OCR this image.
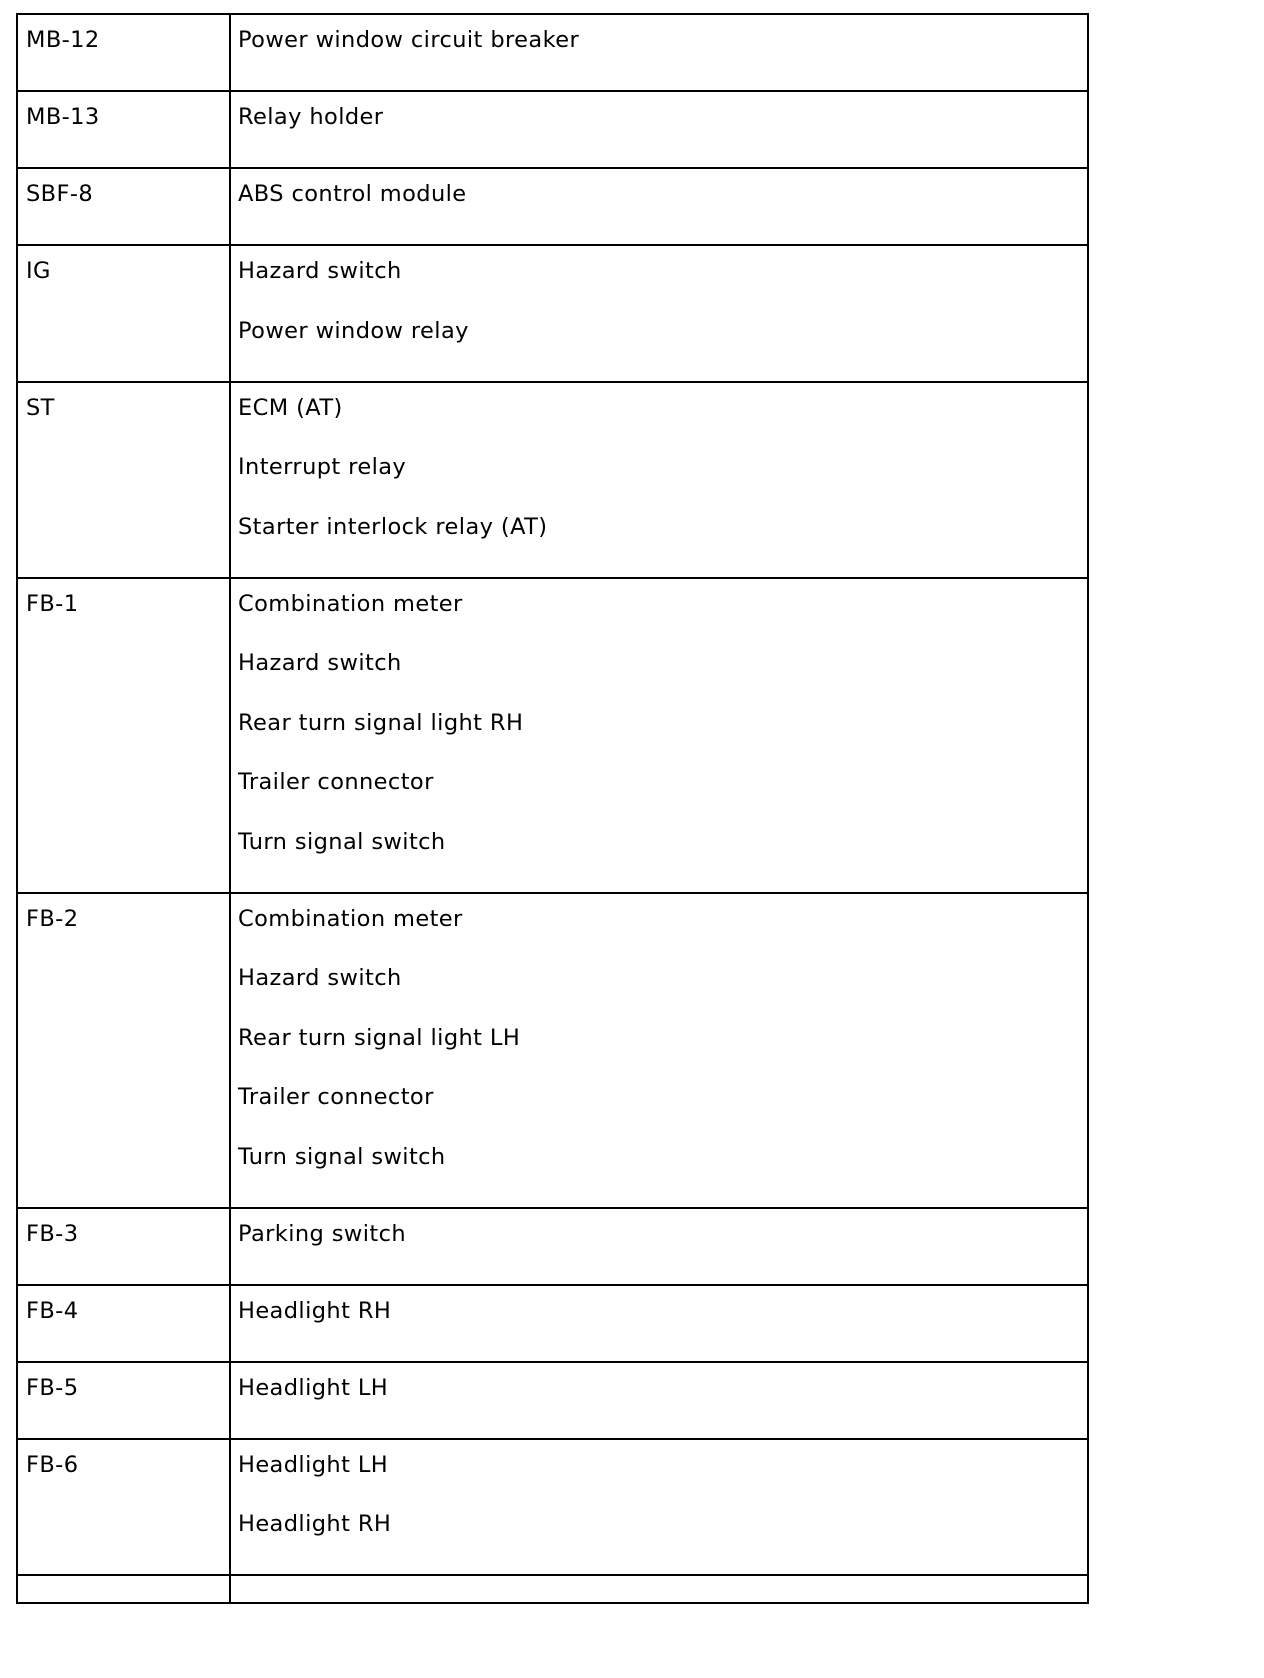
MB-12	Power window circuit breaker

MB-13	Relay holder

SBF-8	ABS control module

IG	Hazard switch
Power window relay

ST	ECM (AT)
Interrupt relay
Starter interlock relay (AT)

FB-1	Combination meter
Hazard switch
Rear turn signal light RH
Trailer connector
Turn signal switch

FB-2	Combination meter
Hazard switch
Rear turn signal light LH
Trailer connector
Turn signal switch

FB-3	Parking switch

FB-4	Headlight RH

FB-5	Headlight LH

FB-6	Headlight LH
Headlight RH
